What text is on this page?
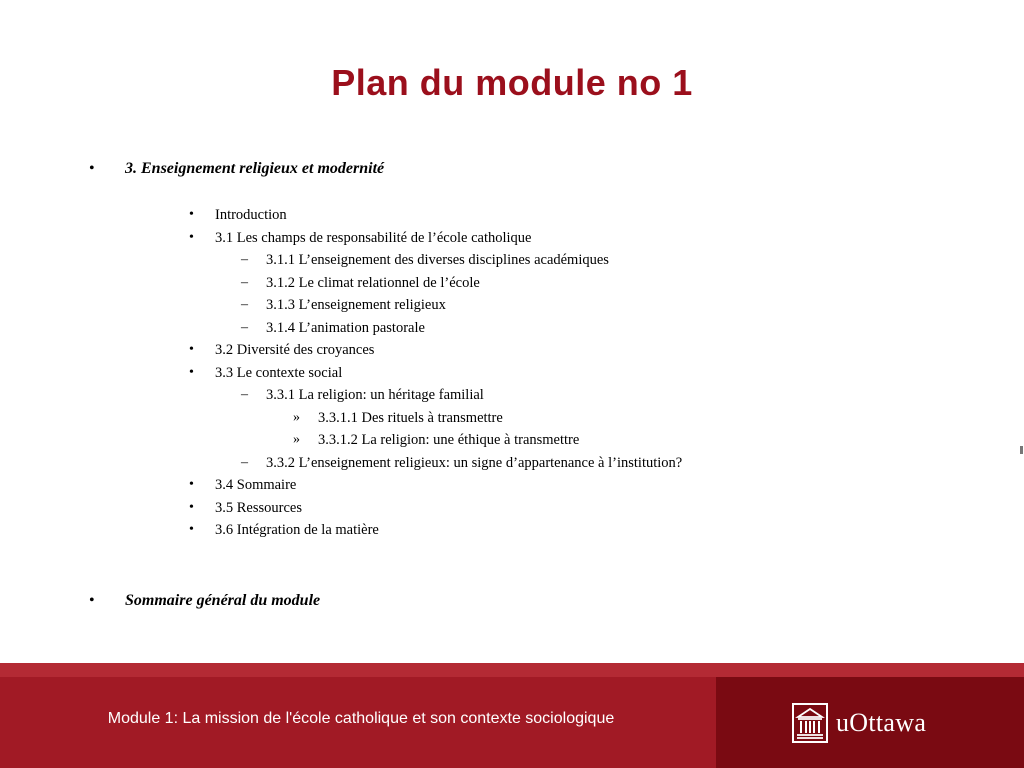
Plan du module no 1
• 3. Enseignement religieux et modernité
• Introduction
• 3.1 Les champs de responsabilité de l’école catholique
– 3.1.1 L’enseignement des diverses disciplines académiques
– 3.1.2 Le climat relationnel de l’école
– 3.1.3 L’enseignement religieux
– 3.1.4 L’animation pastorale
• 3.2 Diversité des croyances
• 3.3 Le contexte social
– 3.3.1 La religion: un héritage familial
» 3.3.1.1 Des rituels à transmettre
» 3.3.1.2 La religion: une éthique à transmettre
– 3.3.2 L’enseignement religieux: un signe d’appartenance à l’institution?
• 3.4 Sommaire
• 3.5 Ressources
• 3.6 Intégration de la matière
• Sommaire général du module
Module 1: La mission de l'école catholique et son contexte sociologique	uOttawa
